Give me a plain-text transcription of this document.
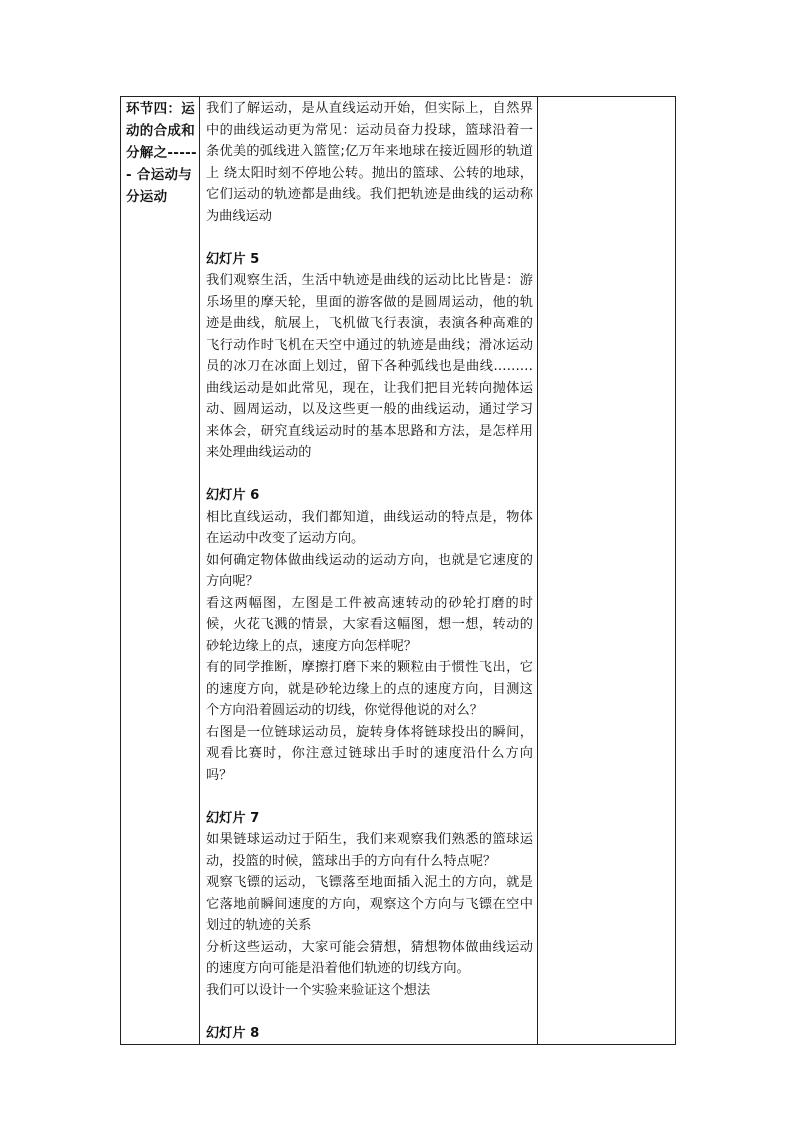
环节四：运动的合成和分解之------ 合运动与分运动

我们了解运动，是从直线运动开始，但实际上，自然界中的曲线运动更为常见：运动员奋力投球，篮球沿着一条优美的弧线进入篮筐;亿万年来地球在接近圆形的轨道上 绕太阳时刻不停地公转。抛出的篮球、公转的地球，它们运动的轨迹都是曲线。我们把轨迹是曲线的运动称为曲线运动

幻灯片 5

我们观察生活，生活中轨迹是曲线的运动比比皆是：游乐场里的摩天轮，里面的游客做的是圆周运动，他的轨迹是曲线，航展上，飞机做飞行表演，表演各种高难的飞行动作时飞机在天空中通过的轨迹是曲线；滑冰运动员的冰刀在冰面上划过，留下各种弧线也是曲线………曲线运动是如此常见，现在，让我们把目光转向抛体运动、圆周运动，以及这些更一般的曲线运动，通过学习来体会，研究直线运动时的基本思路和方法，是怎样用来处理曲线运动的

幻灯片 6

相比直线运动，我们都知道，曲线运动的特点是，物体在运动中改变了运动方向。

如何确定物体做曲线运动的运动方向，也就是它速度的方向呢？

看这两幅图，左图是工件被高速转动的砂轮打磨的时候，火花飞溅的情景，大家看这幅图，想一想，转动的砂轮边缘上的点，速度方向怎样呢？

有的同学推断，摩擦打磨下来的颗粒由于惯性飞出，它的速度方向，就是砂轮边缘上的点的速度方向，目测这个方向沿着圆运动的切线，你觉得他说的对么？

右图是一位链球运动员，旋转身体将链球投出的瞬间，观看比赛时，你注意过链球出手时的速度沿什么方向吗？

幻灯片 7

如果链球运动过于陌生，我们来观察我们熟悉的篮球运动，投篮的时候，篮球出手的方向有什么特点呢？

观察飞镖的运动，飞镖落至地面插入泥土的方向，就是它落地前瞬间速度的方向，观察这个方向与飞镖在空中划过的轨迹的关系

分析这些运动，大家可能会猜想，猜想物体做曲线运动的速度方向可能是沿着他们轨迹的切线方向。

我们可以设计一个实验来验证这个想法

幻灯片 8
